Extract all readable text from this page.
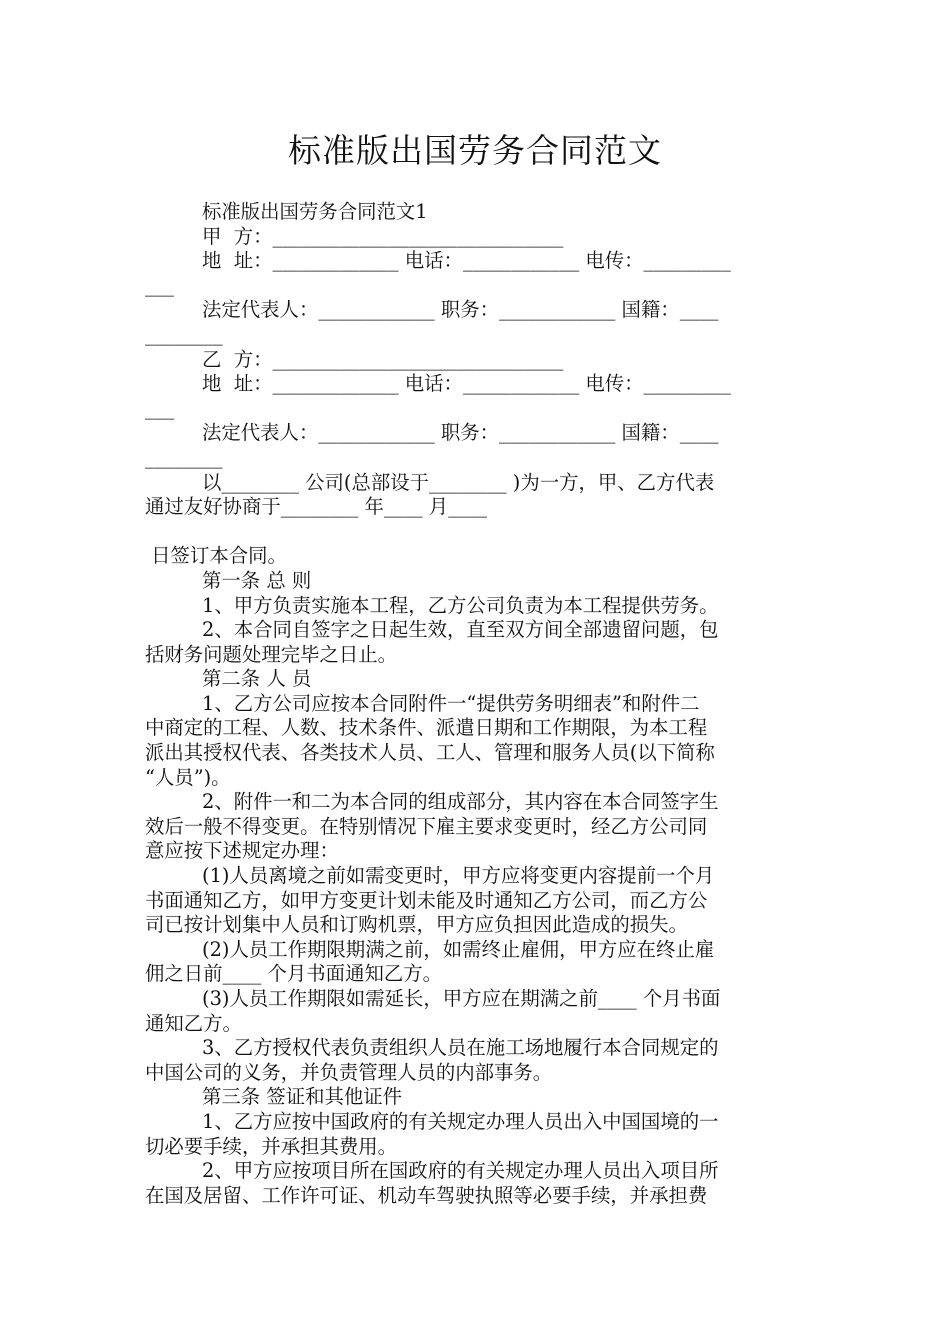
标准版出国劳务合同范文
标准版出国劳务合同范文1
甲  方：______________________________
地  址：_____________ 电话：____________ 电传：_________
___
法定代表人：____________ 职务：____________ 国籍：____
________
乙  方：______________________________
地  址：_____________ 电话：____________ 电传：_________
___
法定代表人：____________ 职务：____________ 国籍：____
________
以________ 公司(总部设于________ )为一方，甲、乙方代表
通过友好协商于________ 年____ 月____
日签订本合同。
第一条 总 则
1、甲方负责实施本工程，乙方公司负责为本工程提供劳务。
2、本合同自签字之日起生效，直至双方间全部遗留问题，包
括财务问题处理完毕之日止。
第二条 人 员
1、乙方公司应按本合同附件一“提供劳务明细表”和附件二
中商定的工程、人数、技术条件、派遣日期和工作期限，为本工程
派出其授权代表、各类技术人员、工人、管理和服务人员(以下简称
“人员”)。
2、附件一和二为本合同的组成部分，其内容在本合同签字生
效后一般不得变更。在特别情况下雇主要求变更时，经乙方公司同
意应按下述规定办理：
(1)人员离境之前如需变更时，甲方应将变更内容提前一个月
书面通知乙方，如甲方变更计划未能及时通知乙方公司，而乙方公
司已按计划集中人员和订购机票，甲方应负担因此造成的损失。
(2)人员工作期限期满之前，如需终止雇佣，甲方应在终止雇
佣之日前____ 个月书面通知乙方。
(3)人员工作期限如需延长，甲方应在期满之前____ 个月书面
通知乙方。
3、乙方授权代表负责组织人员在施工场地履行本合同规定的
中国公司的义务，并负责管理人员的内部事务。
第三条 签证和其他证件
1、乙方应按中国政府的有关规定办理人员出入中国国境的一
切必要手续，并承担其费用。
2、甲方应按项目所在国政府的有关规定办理人员出入项目所
在国及居留、工作许可证、机动车驾驶执照等必要手续，并承担费
